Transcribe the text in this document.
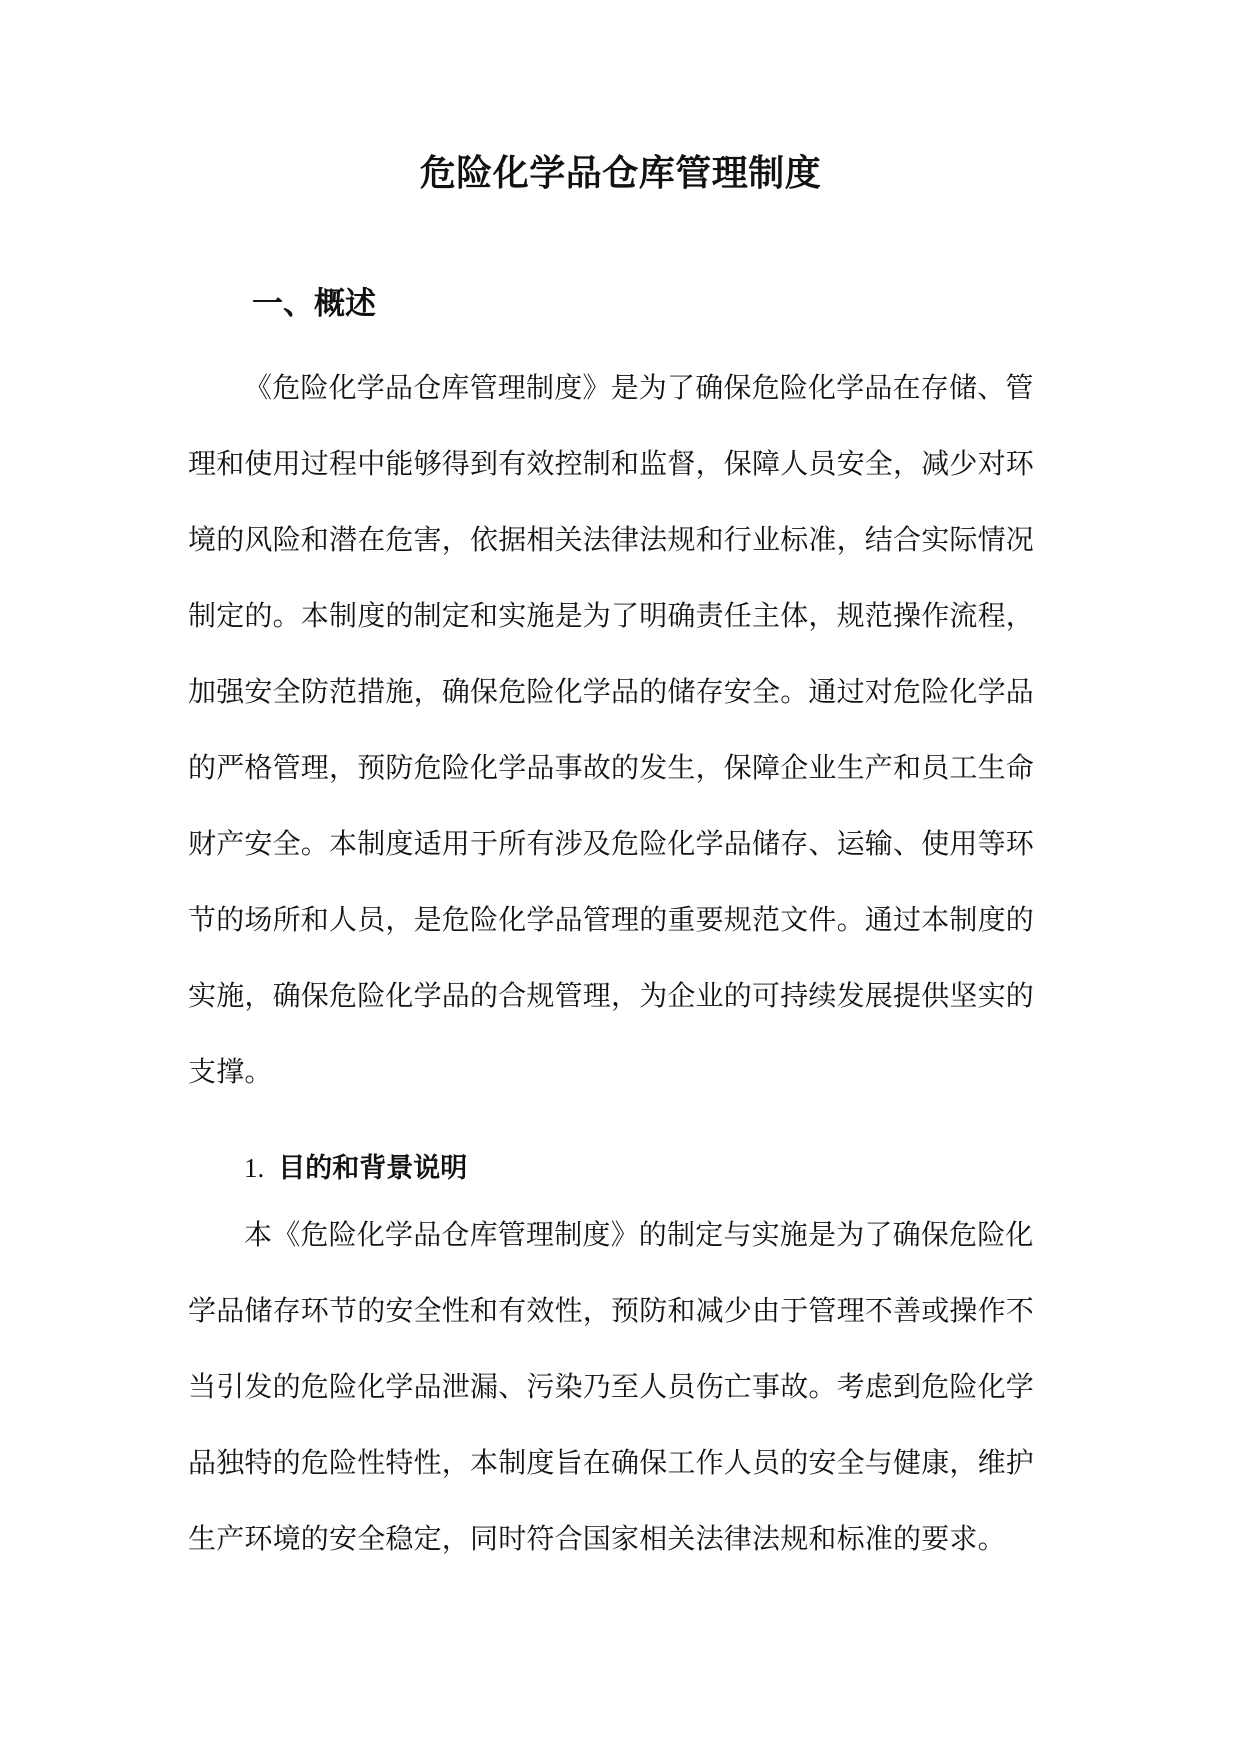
危险化学品仓库管理制度
一、概述

《危险化学品仓库管理制度》是为了确保危险化学品在存储、管
理和使用过程中能够得到有效控制和监督，保障人员安全，减少对环
境的风险和潜在危害，依据相关法律法规和行业标准，结合实际情况
制定的。本制度的制定和实施是为了明确责任主体，规范操作流程，
加强安全防范措施，确保危险化学品的储存安全。通过对危险化学品
的严格管理，预防危险化学品事故的发生，保障企业生产和员工生命
财产安全。本制度适用于所有涉及危险化学品储存、运输、使用等环
节的场所和人员，是危险化学品管理的重要规范文件。通过本制度的
实施，确保危险化学品的合规管理，为企业的可持续发展提供坚实的
支撑。

1. 目的和背景说明

本《危险化学品仓库管理制度》的制定与实施是为了确保危险化
学品储存环节的安全性和有效性，预防和减少由于管理不善或操作不
当引发的危险化学品泄漏、污染乃至人员伤亡事故。考虑到危险化学
品独特的危险性特性，本制度旨在确保工作人员的安全与健康，维护
生产环境的安全稳定，同时符合国家相关法律法规和标准的要求。
